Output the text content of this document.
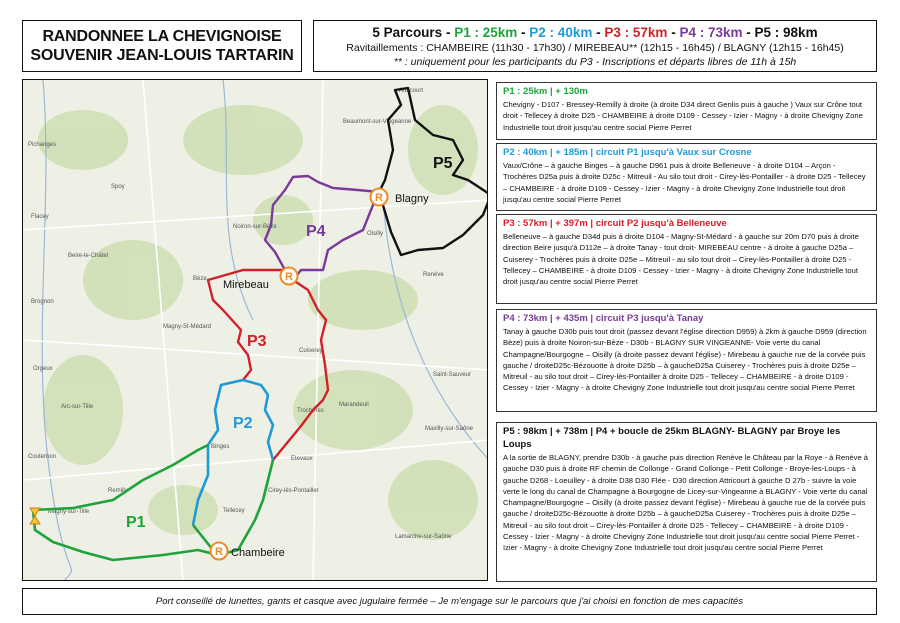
RANDONNEE LA CHEVIGNOISE
SOUVENIR JEAN-LOUIS TARTARIN
5 Parcours - P1 : 25km - P2 : 40km - P3 : 57km - P4 : 73km - P5 : 98km
Ravitaillements : CHAMBEIRE (11h30 - 17h30) / MIREBEAU** (12h15 - 16h45) / BLAGNY (12h15 - 16h45)
** : uniquement pour les participants du P3 - Inscriptions et départs libres de 11h à 15h
Attricourt
Beaumont-sur-Vingeanne
Noiron-sur-Bèze
Bèze
Pichanges
Spoy
Flacey
Beire-le-Châtel
Brognon
Oisilly
Renève
Magny-St-Médard
Orgeux
Arc-sur-Tille
Couternon
Cuiserey
Trochères
Binges
Etevaux
Marandeuil
Saint-Sauveur
Maxilly-sur-Saône
Cirey-lès-Pontailler
Tellecey
Remilly
Magny-sur-Tille
Lamarche-sur-Saône
P5
P4
P3
P2
P1
R Blagny
R
Mirebeau
R Chambeire
P1 : 25km | + 130m
Chevigny - D107 - Bressey-Remilly à droite (à droite D34 direct Genlis puis à gauche ) Vaux sur Crône tout droit - Tellecey à droite D25 - CHAMBEIRE à droite D109 - Cessey - Izier - Magny - à droite Chevigny Zone Industrielle tout droit jusqu'au centre social Pierre Perret
P2 : 40km | + 185m | circuit P1 jusqu'à Vaux sur Crosne
Vaux/Crône – à gauche Binges – à gauche D961 puis à droite Belleneuve - à droite D104 – Arçon - Trochères D25a puis à droite D25c - Mitreuil - Au silo tout droit - Cirey-lès-Pontailler - à droite D25 - Tellecey – CHAMBEIRE - à droite D109 - Cessey - Izier - Magny - à droite Chevigny Zone Industrielle tout droit jusqu'au centre social Pierre Perret
P3 : 57km | + 397m | circuit P2 jusqu'à Belleneuve
Belleneuve – à gauche D34d puis à droite D104 - Magny-St-Médard - à gauche sur 20m D70 puis à droite direction Beire jusqu'à D112e – à droite Tanay - tout droit- MIREBEAU centre - à droite à gauche D25a – Cuiserey - Trochères puis à droite D25e – Mitreuil - au silo tout droit – Cirey-lès-Pontailler à droite D25 - Tellecey – CHAMBEIRE - à droite D109 - Cessey - Izier - Magny - à droite Chevigny Zone Industrielle tout droit jusqu'au centre social Pierre Perret
P4 : 73km | + 435m | circuit P3 jusqu'à Tanay
Tanay à gauche D30b puis tout droit (passez devant l'église direction D959) à 2km à gauche D959 (direction Bèze) puis à droite Noiron-sur-Bèze - D30b - BLAGNY SUR VINGEANNE- Voie verte du canal Champagne/Bourgogne – Oisilly (à droite passez devant l'église) - Mirebeau à gauche rue de la corvée puis gauche / droiteD25c-Bézouotte à droite D25b – à gaucheD25a Cuiserey - Trochères puis à droite D25e – Mitreuil - au silo tout droit – Cirey-lès-Pontailler à droite D25 - Tellecey – CHAMBEIRE - à droite D109 - Cessey - Izier - Magny - à droite Chevigny Zone Industrielle tout droit jusqu'au centre social Pierre Perret
P5 : 98km | + 738m | P4 + boucle de 25km BLAGNY- BLAGNY par Broye les Loups
A la sortie de BLAGNY, prendre D30b - à gauche puis direction Renève le Château par la Roye - à Renève à gauche D30 puis à droite RF chemin de Collonge - Grand Collonge - Petit Collonge - Broye-les-Loups - à gauche D268 - Loeuilley - à droite D38 D30 Flée - D30 direction Attricourt à gauche D 27b - suivre la voie verte le long du canal de Champagne à Bourgogne de Licey-sur-Vingeanne à BLAGNY - Voie verte du canal Champagne/Bourgogne – Oisilly (à droite passez devant l'église) - Mirebeau à gauche rue de la corvée puis gauche / droiteD25c-Bézouotte à droite D25b – à gaucheD25a Cuiserey - Trochères puis à droite D25e – Mitreuil - au silo tout droit – Cirey-lès-Pontailler à droite D25 - Tellecey – CHAMBEIRE - à droite D109 - Cessey - Izier - Magny - à droite Chevigny Zone Industrielle tout droit jusqu'au centre social Pierre Perret - Izier - Magny - à droite Chevigny Zone Industrielle tout droit jusqu'au centre social Pierre Perret
Port conseillé de lunettes, gants et casque avec jugulaire fermée – Je m'engage sur le parcours que j'ai choisi en fonction de mes capacités
